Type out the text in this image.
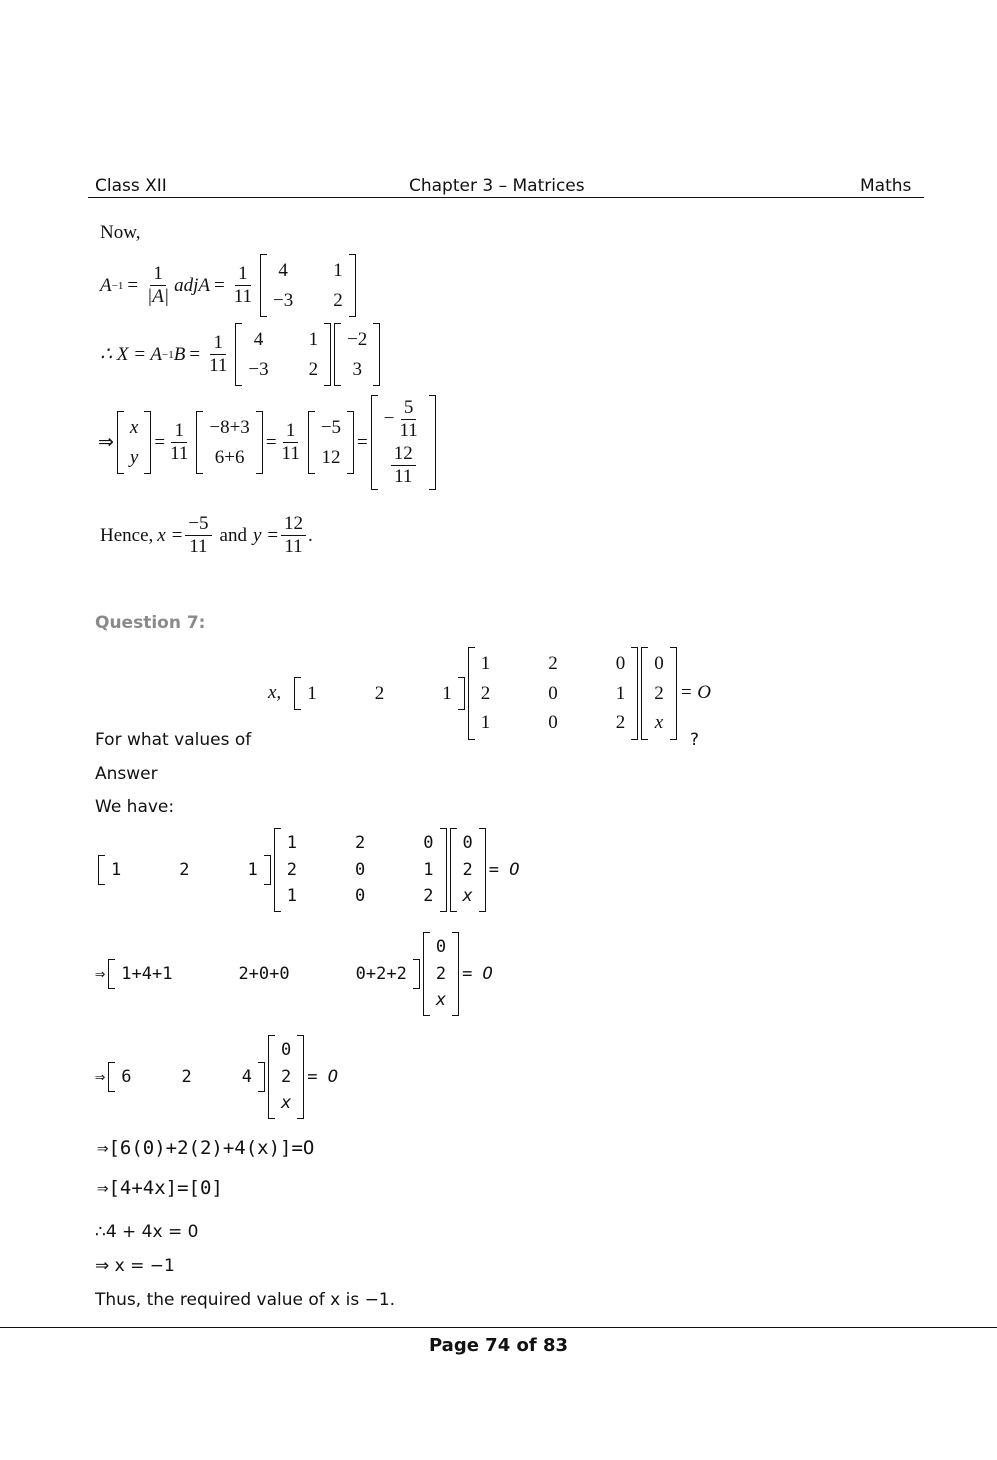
Class XII	Chapter 3 – Matrices	Maths
Now,
$A -1 = \frac{1}{|A|}$ adjA = $\frac{1}{11} 4$	1
−3	2
∴ X = A −1 $B = \frac{1}{11} 4$	1
−3	2
−2
3
⇒
x
y
= $\frac{1}{11} -8+3$
6+6
= $\frac{1}{11} -5$
12
=
− $\frac{5}{11}$

$\frac{12}{11}$
Hence, $x = \frac{-5}{11}$ and $y = \frac{12}{11}$ .
Question 7:
x, 1	2	1
1	2	0
2	0	1
1	0	2
0
2
x
= O
For what values of	?
Answer
We have:
1	2	1
1	2	0
2	0	1
1	0	2
0
2
x
= O
⇒ 1+4+1	2+0+0	0+2+2
0
2
x
= O
⇒ 6	2	4
0
2
x
= O
⇒[6(0)+2(2)+4(x)]=O
⇒[4+4x]=[0]
∴4 + 4x = 0
⇒ x = −1
Thus, the required value of x is −1.
Page 74 of 83
